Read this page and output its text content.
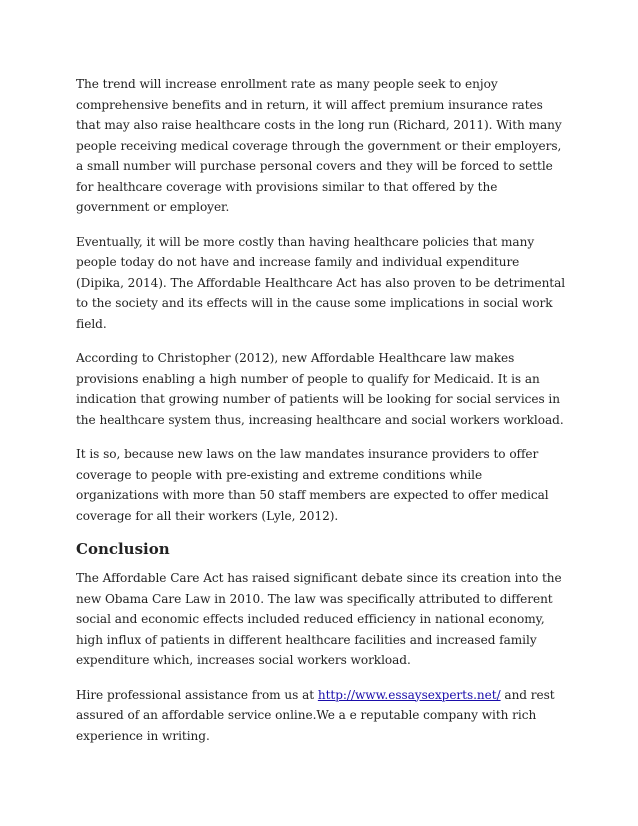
The trend will increase enrollment rate as many people seek to enjoy comprehensive benefits and in return, it will affect premium insurance rates that may also raise healthcare costs in the long run (Richard, 2011). With many people receiving medical coverage through the government or their employers, a small number will purchase personal covers and they will be forced to settle for healthcare coverage with provisions similar to that offered by the government or employer.

Eventually, it will be more costly than having healthcare policies that many people today do not have and increase family and individual expenditure (Dipika, 2014). The Affordable Healthcare Act has also proven to be detrimental to the society and its effects will in the cause some implications in social work field.

According to Christopher (2012), new Affordable Healthcare law makes provisions enabling a high number of people to qualify for Medicaid. It is an indication that growing number of patients will be looking for social services in the healthcare system thus, increasing healthcare and social workers workload.

It is so, because new laws on the law mandates insurance providers to offer coverage to people with pre-existing and extreme conditions while organizations with more than 50 staff members are expected to offer medical coverage for all their workers (Lyle, 2012).

Conclusion

The Affordable Care Act has raised significant debate since its creation into the new Obama Care Law in 2010. The law was specifically attributed to different social and economic effects included reduced efficiency in national economy, high influx of patients in different healthcare facilities and increased family expenditure which, increases social workers workload.

Hire professional assistance from us at http://www.essaysexperts.net/ and rest assured of an affordable service online.We a e reputable company with rich experience in writing.
